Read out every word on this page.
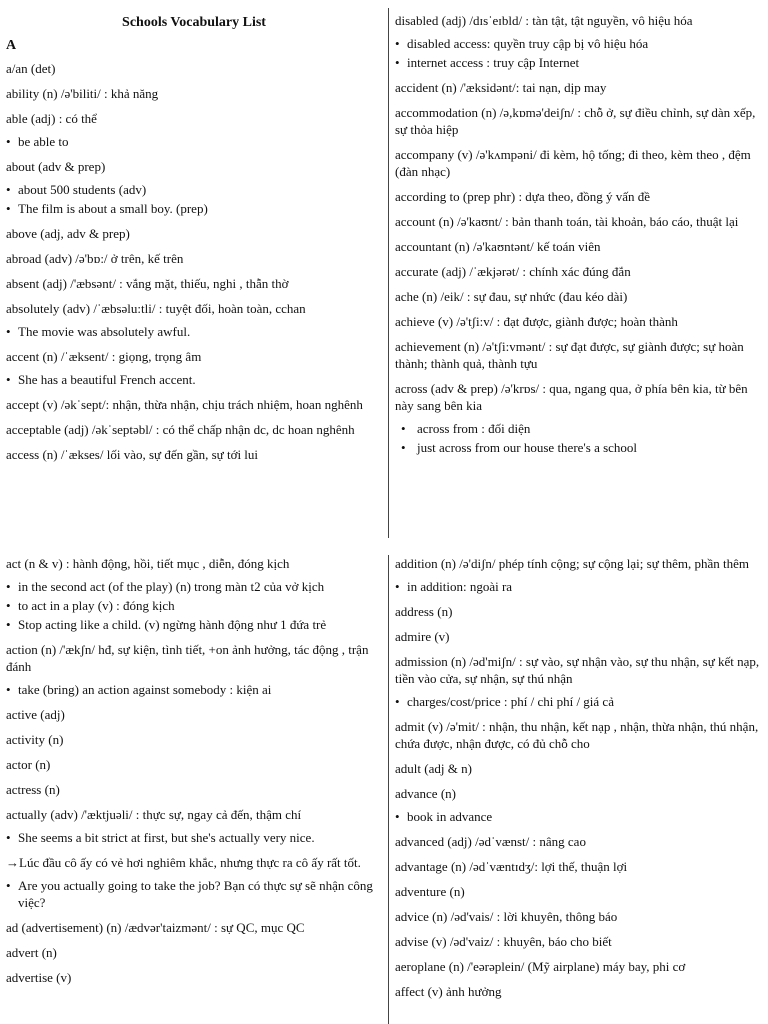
Schools Vocabulary List
A
a/an (det)
ability (n) /ə'biliti/ : khả năng
able (adj) : có thể
• be able to
about (adv & prep)
• about 500 students (adv)
• The film is about a small boy. (prep)
above (adj, adv & prep)
abroad (adv) /ə'bɒ:/ ở trên, kế trên
absent (adj) /'æbsənt/ : vắng mặt, thiếu, nghi , thẫn thờ
absolutely (adv) /ˈæbsəlu:tli/ : tuyệt đối, hoàn toàn, cchan
• The movie was absolutely awful.
accent (n) /ˈæksent/ : giọng, trọng âm
• She has a beautiful French accent.
accept (v) /əkˈsept/: nhận, thừa nhận, chịu trách nhiệm, hoan nghênh
acceptable (adj) /əkˈseptəbl/ : có thể chấp nhận dc, dc hoan nghênh
access (n) /ˈækses/ lối vào, sự đến gần, sự tới lui
disabled (adj) /dɪsˈeɪbld/ : tàn tật, tật nguyền, vô hiệu hóa
• disabled access: quyền truy cập bị vô hiệu hóa
• internet access : truy cập Internet
accident (n) /'æksidənt/: tai nạn, dịp may
accommodation (n) /ə,kɒmə'deiʃn/ : chỗ ở, sự điều chỉnh, sự dàn xếp, sự thỏa hiệp
accompany (v) /ə'kʌmpəni/ đi kèm, hộ tống; đi theo, kèm theo , đệm (đàn nhạc)
according to (prep phr) : dựa theo, đồng ý vấn đề
account (n) /ə'kaʊnt/ : bản thanh toán, tài khoản, báo cáo, thuật lại
accountant (n) /ə'kaʊntənt/ kế toán viên
accurate (adj) /ˈækjərət/ : chính xác đúng đắn
ache (n) /eik/ : sự đau, sự nhức (đau kéo dài)
achieve (v) /ə'tʃi:v/ : đạt được, giành được; hoàn thành
achievement (n) /ə'tʃi:vmənt/ : sự đạt được, sự giành được; sự hoàn thành; thành quả, thành tựu
across (adv & prep) /ə'krɒs/ : qua, ngang qua, ở phía bên kia, từ bên này sang bên kia
• across from : đối diện
• just across from our house there's a school
act (n & v) : hành động, hồi, tiết mục , diễn, đóng kịch
• in the second act (of the play) (n) trong màn t2 của vở kịch
• to act in a play (v) : đóng kịch
• Stop acting like a child. (v) ngừng hành động như 1 đứa trẻ
action (n) /'ækʃn/ hđ, sự kiện, tình tiết, +on ảnh hưởng, tác động , trận đánh
• take (bring) an action against somebody : kiện ai
active (adj)
activity (n)
actor (n)
actress (n)
actually (adv) /'æktjuəli/ : thực sự, ngay cả đến, thậm chí
• She seems a bit strict at first, but she's actually very nice.
→Lúc đầu cô ấy có vẻ hơi nghiêm khắc, nhưng thực ra cô ấy rất tốt.
• Are you actually going to take the job? Bạn có thực sự sẽ nhận công việc?
ad (advertisement) (n) /ædvər'taizmənt/ : sự QC, mục QC
advert (n)
advertise (v)
addition (n) /ə'diʃn/ phép tính cộng; sự cộng lại; sự thêm, phần thêm
• in addition: ngoài ra
address (n)
admire (v)
admission (n) /əd'miʃn/ : sự vào, sự nhận vào, sự thu nhận, sự kết nạp, tiền vào cửa, sự nhận, sự thú nhận
• charges/cost/price : phí / chi phí / giá cả
admit (v) /ə'mit/ : nhận, thu nhận, kết nạp , nhận, thừa nhận, thú nhận, chứa được, nhận được, có đủ chỗ cho
adult (adj & n)
advance (n)
• book in advance
advanced (adj) /ədˈvænst/ : nâng cao
advantage (n) /ədˈvæntɪdʒ/: lợi thế, thuận lợi
adventure (n)
advice (n) /əd'vais/ : lời khuyên, thông báo
advise (v) /əd'vaiz/ : khuyên, báo cho biết
aeroplane (n) /'eərəplein/ (Mỹ airplane) máy bay, phi cơ
affect (v) ảnh hưởng
